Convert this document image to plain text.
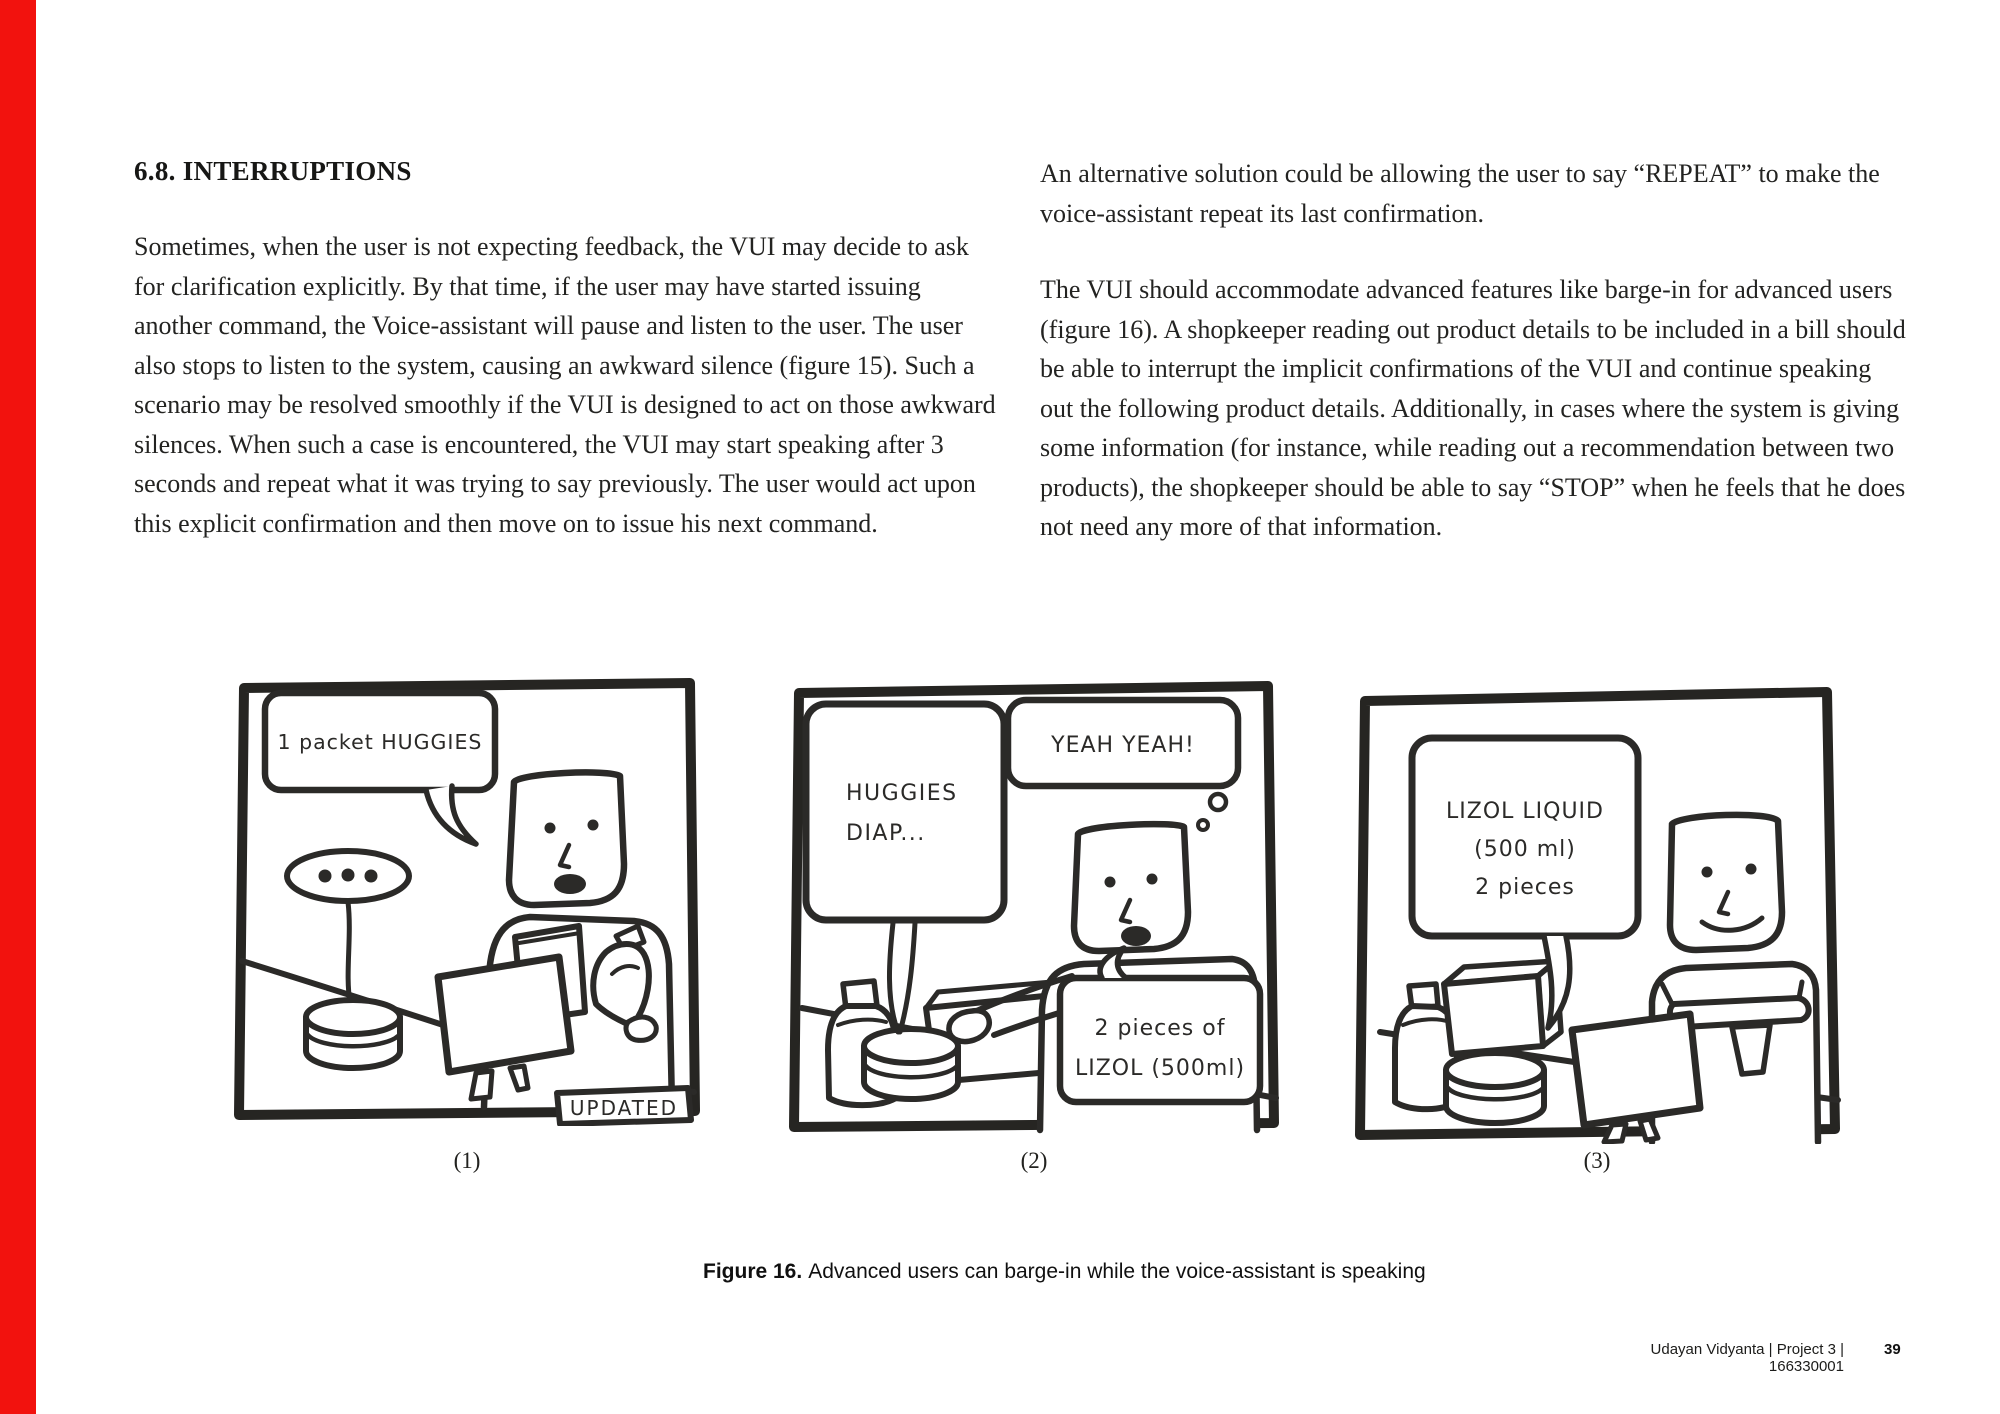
6.8. INTERRUPTIONS

Sometimes, when the user is not expecting feedback, the VUI may decide to ask for clarification explicitly. By that time, if the user may have started issuing another command, the Voice-assistant will pause and listen to the user. The user also stops to listen to the system, causing an awkward silence (figure 15). Such a scenario may be resolved smoothly if the VUI is designed to act on those awkward silences. When such a case is encountered, the VUI may start speaking after 3 seconds and repeat what it was trying to say previously. The user would act upon this explicit confirmation and then move on to issue his next command.

An alternative solution could be allowing the user to say “REPEAT” to make the voice-assistant repeat its last confirmation.

The VUI should accommodate advanced features like barge-in for advanced users (figure 16). A shopkeeper reading out product details to be included in a bill should be able to interrupt the implicit confirmations of the VUI and continue speaking out the following product details. Additionally, in cases where the system is giving some information (for instance, while reading out a recommendation between two products), the shopkeeper should be able to say “STOP” when he feels that he does not need any more of that information.

UPDATED
1 packet HUGGIES
(1)
HUGGIES
DIAP...
YEAH YEAH!
2 pieces of
LIZOL (500ml)
(2)
LIZOL LIQUID
(500 ml)
2 pieces
(3)
Figure 16. Advanced users can barge-in while the voice-assistant is speaking
Udayan Vidyanta | Project 3 | 166330001
39
